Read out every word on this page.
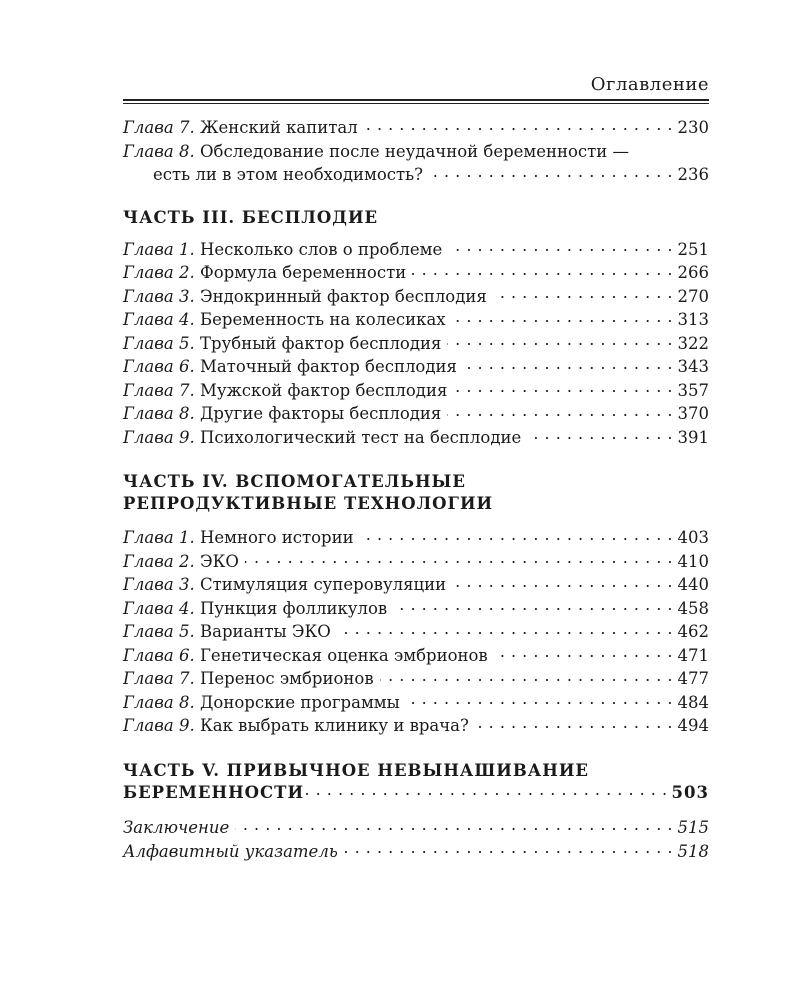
Оглавление
Глава 7. Женский капитал . . .	230
Глава 8. Обследование после неудачной беременности —
есть ли в этом необходимость? . . .	236
ЧАСТЬ III. БЕСПЛОДИЕ
Глава 1. Несколько слов о проблеме . . .	251
Глава 2. Формула беременности . . .	266
Глава 3. Эндокринный фактор бесплодия . . .	270
Глава 4. Беременность на колесиках . . .	313
Глава 5. Трубный фактор бесплодия . . .	322
Глава 6. Маточный фактор бесплодия . . .	343
Глава 7. Мужской фактор бесплодия . . .	357
Глава 8. Другие факторы бесплодия . . .	370
Глава 9. Психологический тест на бесплодие . . .	391
ЧАСТЬ IV. ВСПОМОГАТЕЛЬНЫЕ
РЕПРОДУКТИВНЫЕ ТЕХНОЛОГИИ
Глава 1. Немного истории . . .	403
Глава 2. ЭКО . . .	410
Глава 3. Стимуляция суперовуляции . . .	440
Глава 4. Пункция фолликулов . . .	458
Глава 5. Варианты ЭКО . . .	462
Глава 6. Генетическая оценка эмбрионов . . .	471
Глава 7. Перенос эмбрионов . . .	477
Глава 8. Донорские программы . . .	484
Глава 9. Как выбрать клинику и врача? . . .	494
ЧАСТЬ V. ПРИВЫЧНОЕ НЕВЫНАШИВАНИЕ
БЕРЕМЕННОСТИ . . .	503
Заключение . . .	515
Алфавитный указатель . . .	518
